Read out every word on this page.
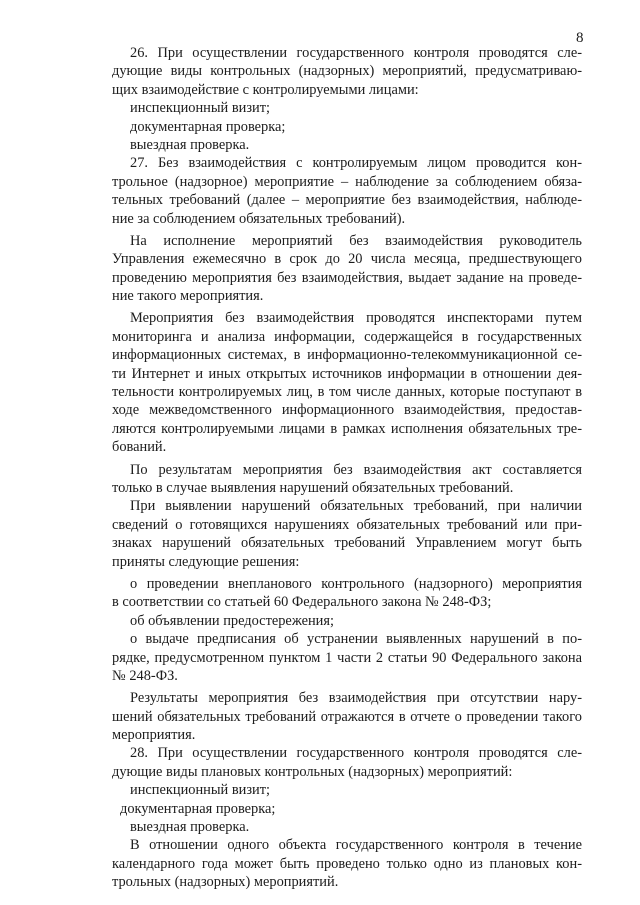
8
26. При осуществлении государственного контроля проводятся сле-
дующие виды контрольных (надзорных) мероприятий, предусматриваю-
щих взаимодействие с контролируемыми лицами:
инспекционный визит;
документарная проверка;
выездная проверка.
27. Без взаимодействия с контролируемым лицом проводится кон-
трольное (надзорное) мероприятие – наблюдение за соблюдением обяза-
тельных требований (далее – мероприятие без взаимодействия, наблюде-
ние за соблюдением обязательных требований).
На исполнение мероприятий без взаимодействия руководитель
Управления ежемесячно в срок до 20 числа месяца, предшествующего
проведению мероприятия без взаимодействия, выдает задание на проведе-
ние такого мероприятия.
Мероприятия без взаимодействия проводятся инспекторами путем
мониторинга и анализа информации, содержащейся в государственных
информационных системах, в информационно-телекоммуникационной се-
ти Интернет и иных открытых источников информации в отношении дея-
тельности контролируемых лиц, в том числе данных, которые поступают в
ходе межведомственного информационного взаимодействия, предостав-
ляются контролируемыми лицами в рамках исполнения обязательных тре-
бований.
По результатам мероприятия без взаимодействия акт составляется
только в случае выявления нарушений обязательных требований.
При выявлении нарушений обязательных требований, при наличии
сведений о готовящихся нарушениях обязательных требований или при-
знаках нарушений обязательных требований Управлением могут быть
приняты следующие решения:
о проведении внепланового контрольного (надзорного) мероприятия
в соответствии со статьей 60 Федерального закона № 248-ФЗ;
об объявлении предостережения;
о выдаче предписания об устранении выявленных нарушений в по-
рядке, предусмотренном пунктом 1 части 2 статьи 90 Федерального закона
№ 248-ФЗ.
Результаты мероприятия без взаимодействия при отсутствии нару-
шений обязательных требований отражаются в отчете о проведении такого
мероприятия.
28. При осуществлении государственного контроля проводятся сле-
дующие виды плановых контрольных (надзорных) мероприятий:
инспекционный визит;
документарная проверка;
выездная проверка.
В отношении одного объекта государственного контроля в течение
календарного года может быть проведено только одно из плановых кон-
трольных (надзорных) мероприятий.
